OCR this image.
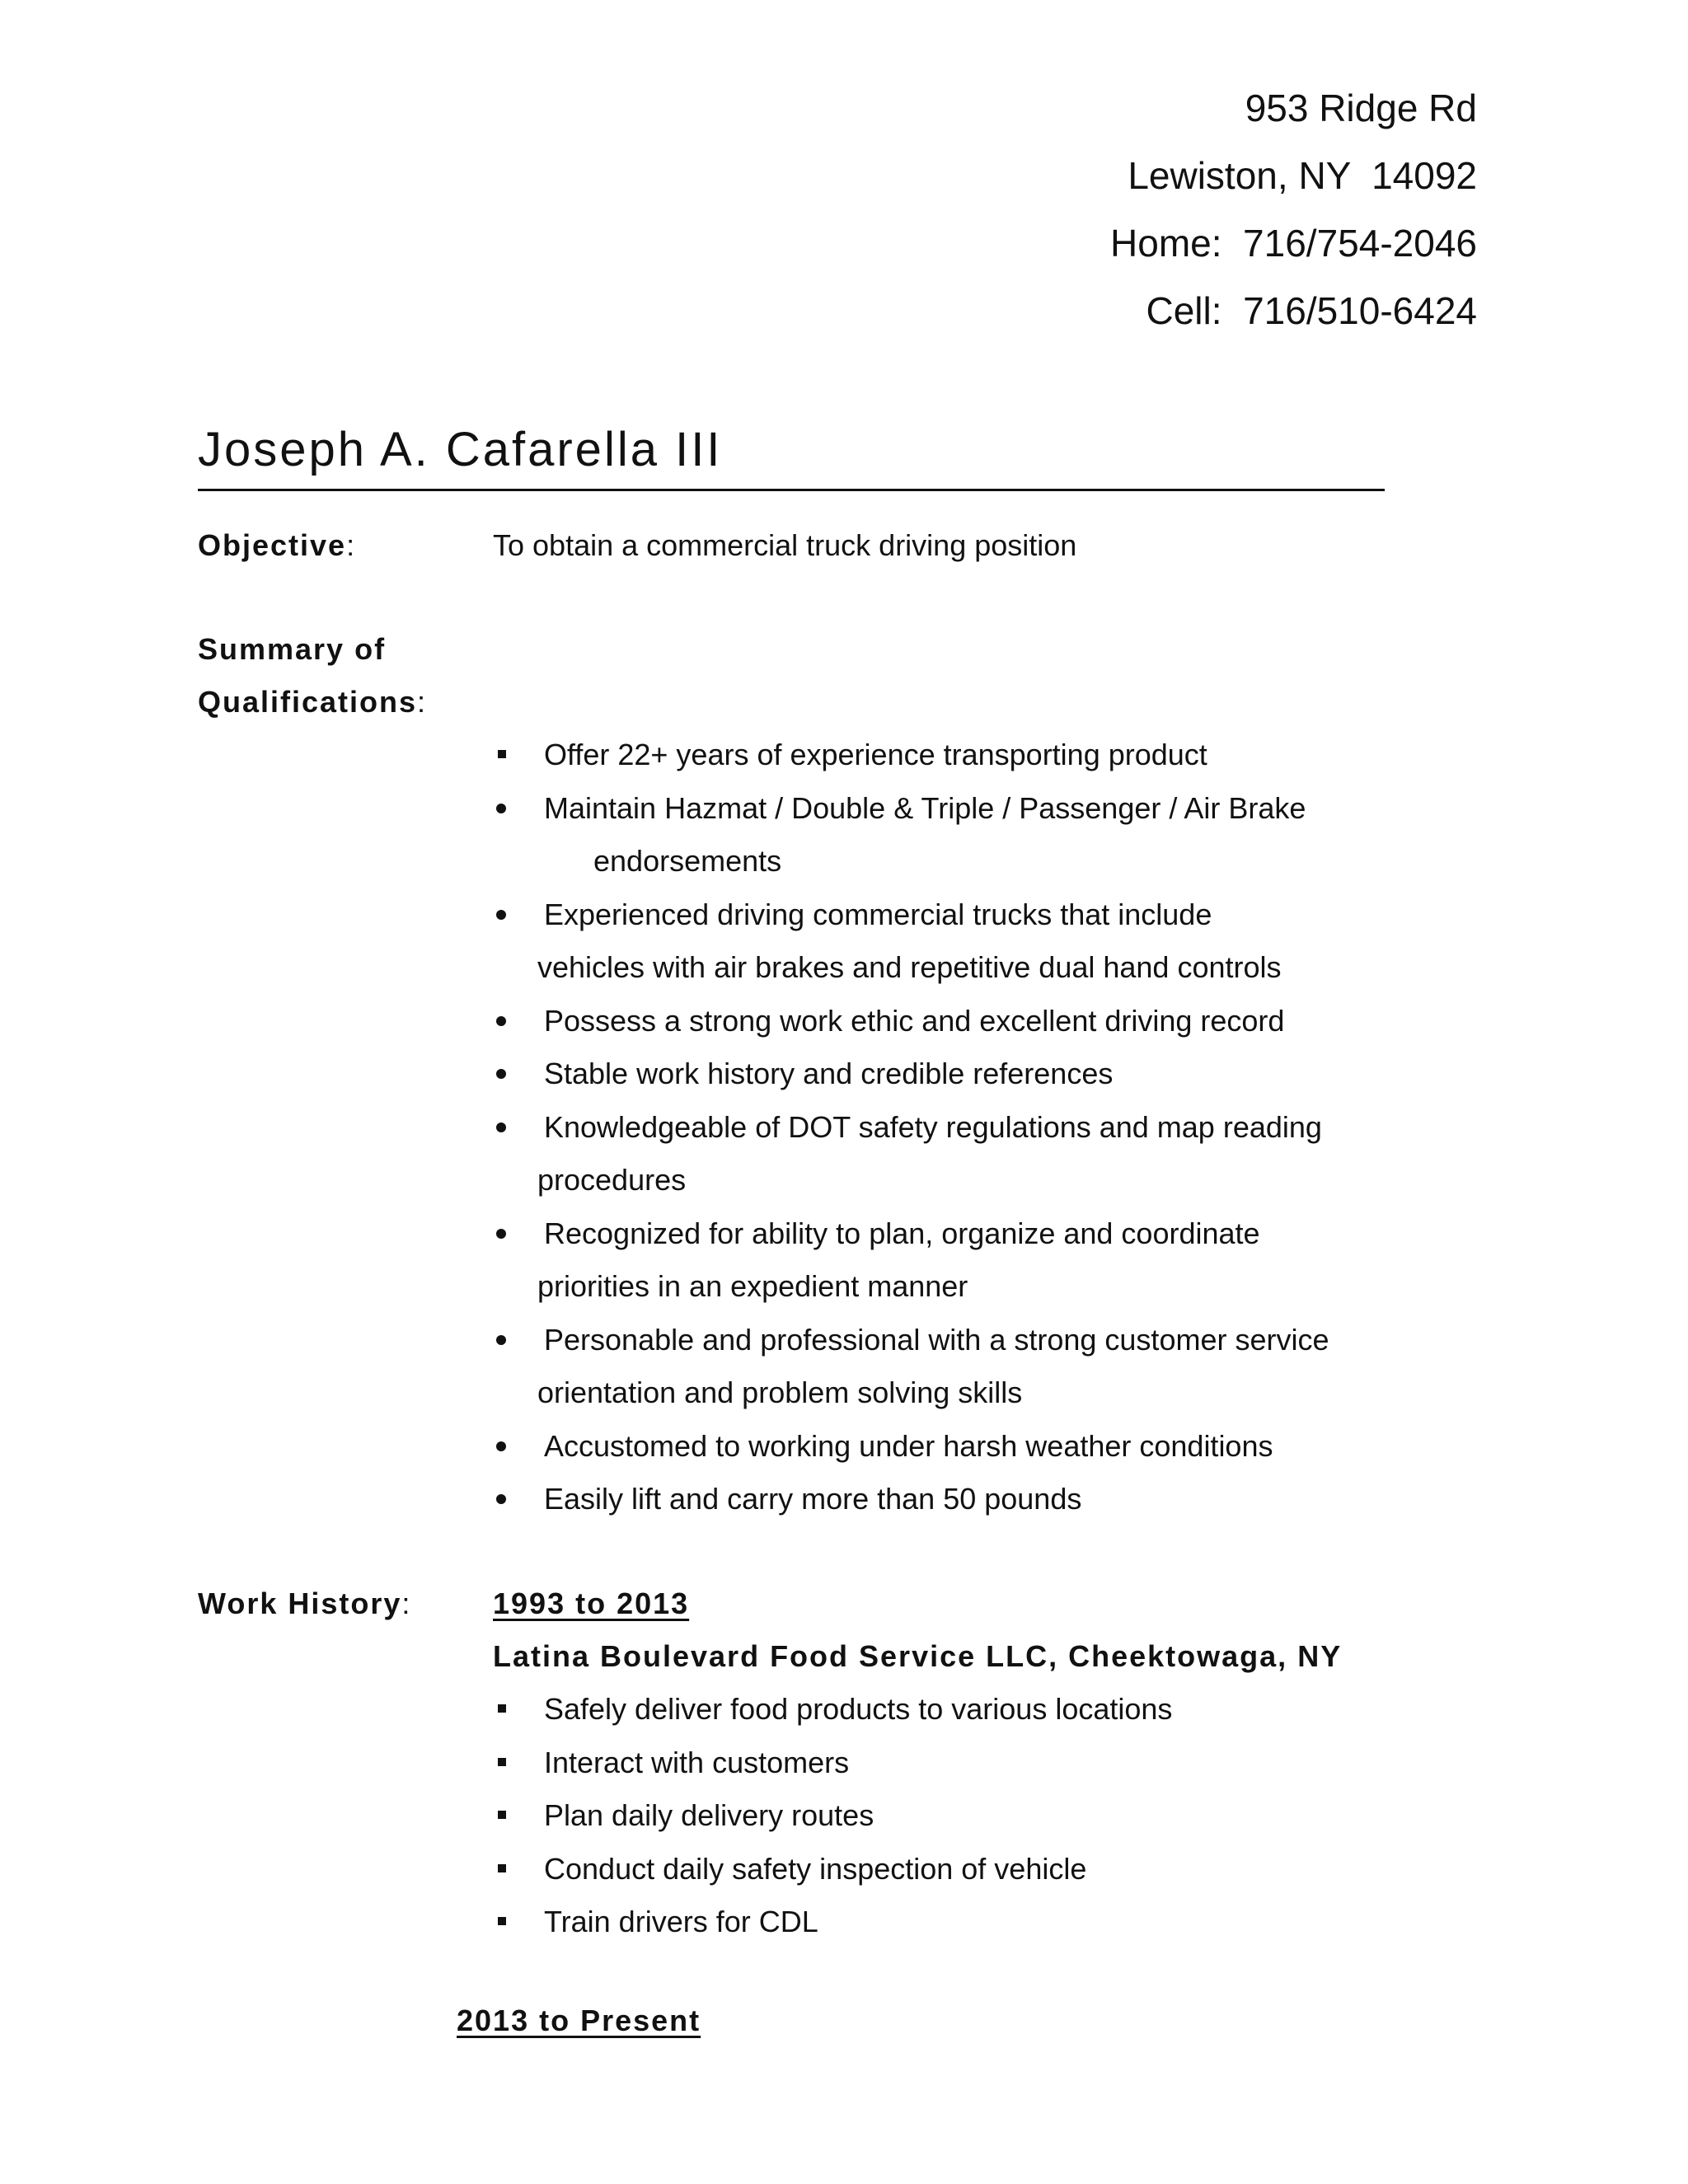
953 Ridge Rd
Lewiston, NY  14092
Home:  716/754-2046
Cell:  716/510-6424
Joseph A. Cafarella III
Objective:	To obtain a commercial truck driving position
Summary of
Qualifications:
Offer 22+ years of experience transporting product
Maintain Hazmat / Double & Triple / Passenger / Air Brake
endorsements
Experienced driving commercial trucks that include
vehicles with air brakes and repetitive dual hand controls
Possess a strong work ethic and excellent driving record
Stable work history and credible references
Knowledgeable of DOT safety regulations and map reading
procedures
Recognized for ability to plan, organize and coordinate
priorities in an expedient manner
Personable and professional with a strong customer service
orientation and problem solving skills
Accustomed to working under harsh weather conditions
Easily lift and carry more than 50 pounds
Work History:	1993 to 2013
Latina Boulevard Food Service LLC, Cheektowaga, NY
Safely deliver food products to various locations
Interact with customers
Plan daily delivery routes
Conduct daily safety inspection of vehicle
Train drivers for CDL
2013 to Present
